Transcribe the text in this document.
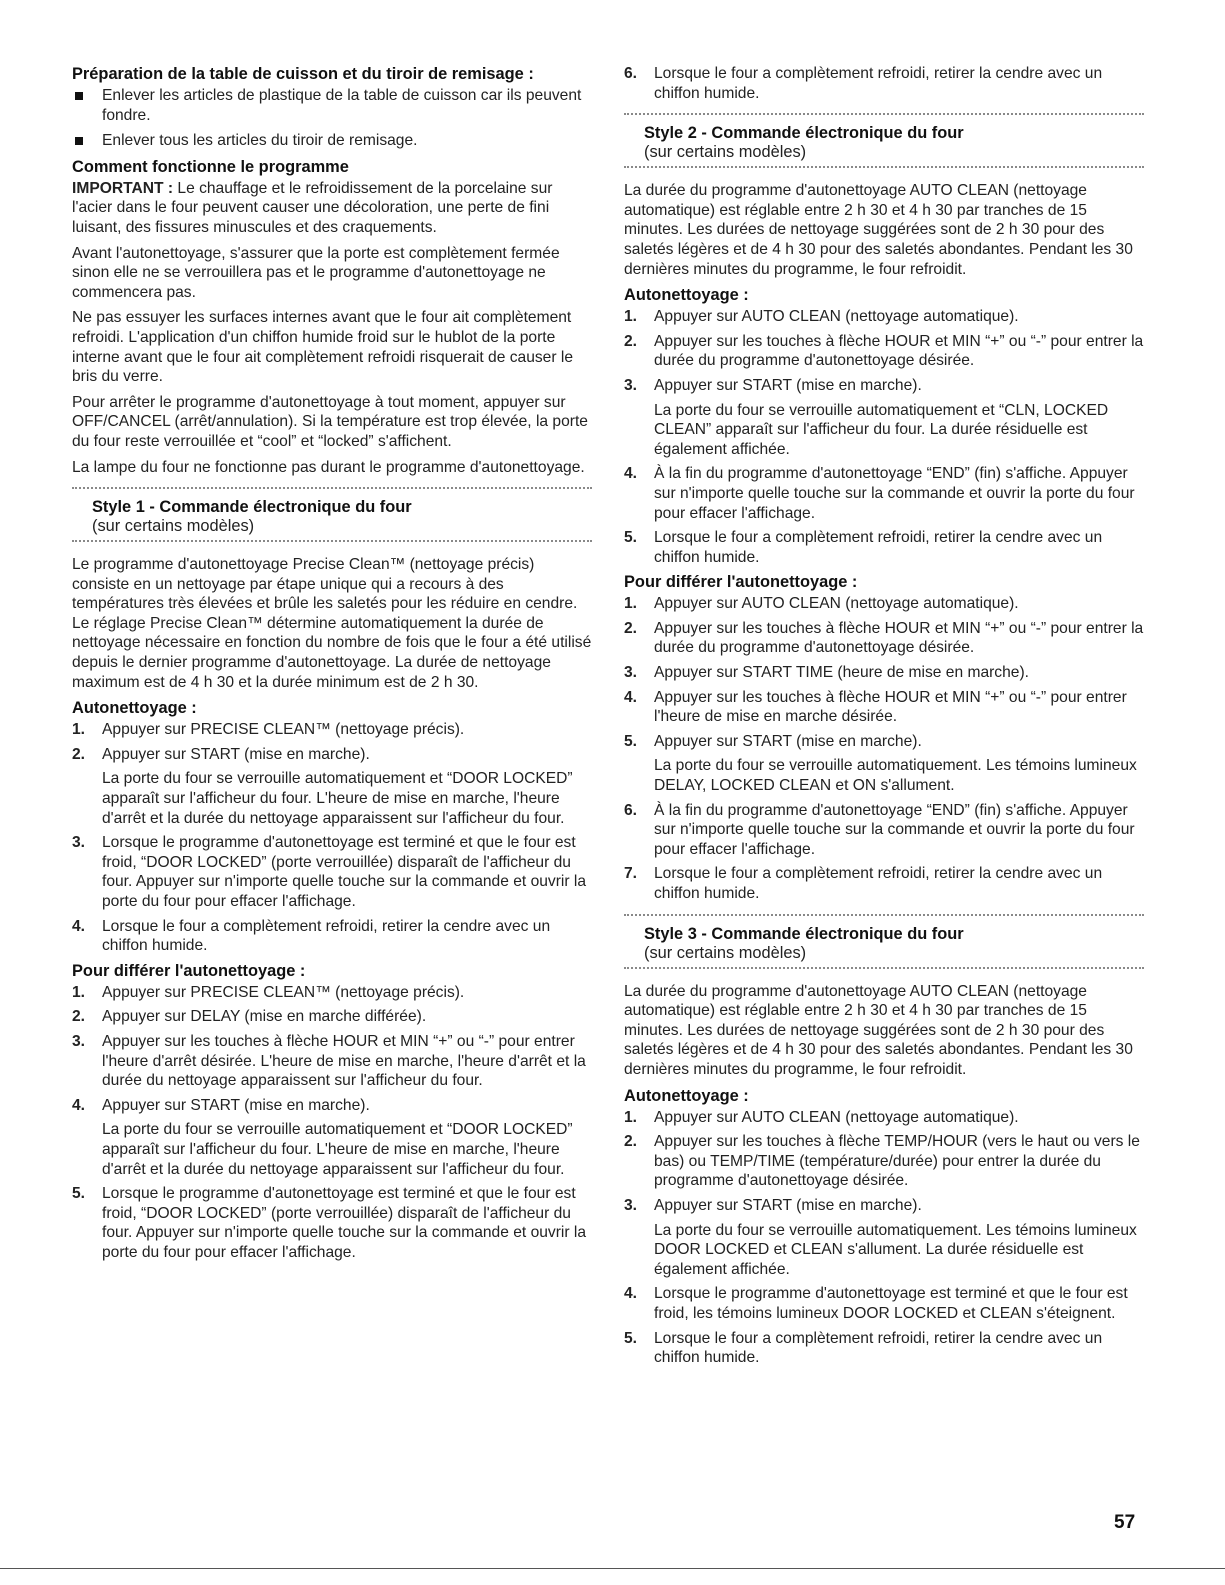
Préparation de la table de cuisson et du tiroir de remisage :
Enlever les articles de plastique de la table de cuisson car ils peuvent fondre.
Enlever tous les articles du tiroir de remisage.
Comment fonctionne le programme

IMPORTANT : Le chauffage et le refroidissement de la porcelaine sur l'acier dans le four peuvent causer une décoloration, une perte de fini luisant, des fissures minuscules et des craquements.

Avant l'autonettoyage, s'assurer que la porte est complètement fermée sinon elle ne se verrouillera pas et le programme d'autonettoyage ne commencera pas.

Ne pas essuyer les surfaces internes avant que le four ait complètement refroidi. L'application d'un chiffon humide froid sur le hublot de la porte interne avant que le four ait complètement refroidi risquerait de causer le bris du verre.

Pour arrêter le programme d'autonettoyage à tout moment, appuyer sur OFF/CANCEL (arrêt/annulation). Si la température est trop élevée, la porte du four reste verrouillée et “cool” et “locked” s'affichent.

La lampe du four ne fonctionne pas durant le programme d'autonettoyage.

Style 1 - Commande électronique du four
(sur certains modèles)

Le programme d'autonettoyage Precise Clean™ (nettoyage précis) consiste en un nettoyage par étape unique qui a recours à des températures très élevées et brûle les saletés pour les réduire en cendre. Le réglage Precise Clean™ détermine automatiquement la durée de nettoyage nécessaire en fonction du nombre de fois que le four a été utilisé depuis le dernier programme d'autonettoyage. La durée de nettoyage maximum est de 4 h 30 et la durée minimum est de 2 h 30.

Autonettoyage :
1. Appuyer sur PRECISE CLEAN™ (nettoyage précis).
2. Appuyer sur START (mise en marche).
La porte du four se verrouille automatiquement et “DOOR LOCKED” apparaît sur l'afficheur du four. L'heure de mise en marche, l'heure d'arrêt et la durée du nettoyage apparaissent sur l'afficheur du four.
3. Lorsque le programme d'autonettoyage est terminé et que le four est froid, “DOOR LOCKED” (porte verrouillée) disparaît de l'afficheur du four. Appuyer sur n'importe quelle touche sur la commande et ouvrir la porte du four pour effacer l'affichage.
4. Lorsque le four a complètement refroidi, retirer la cendre avec un chiffon humide.
Pour différer l'autonettoyage :
1. Appuyer sur PRECISE CLEAN™ (nettoyage précis).
2. Appuyer sur DELAY (mise en marche différée).
3. Appuyer sur les touches à flèche HOUR et MIN “+” ou “-” pour entrer l'heure d'arrêt désirée. L'heure de mise en marche, l'heure d'arrêt et la durée du nettoyage apparaissent sur l'afficheur du four.
4. Appuyer sur START (mise en marche).
La porte du four se verrouille automatiquement et “DOOR LOCKED” apparaît sur l'afficheur du four. L'heure de mise en marche, l'heure d'arrêt et la durée du nettoyage apparaissent sur l'afficheur du four.
5. Lorsque le programme d'autonettoyage est terminé et que le four est froid, “DOOR LOCKED” (porte verrouillée) disparaît de l'afficheur du four. Appuyer sur n'importe quelle touche sur la commande et ouvrir la porte du four pour effacer l'affichage.
6. Lorsque le four a complètement refroidi, retirer la cendre avec un chiffon humide.
Style 2 - Commande électronique du four
(sur certains modèles)

La durée du programme d'autonettoyage AUTO CLEAN (nettoyage automatique) est réglable entre 2 h 30 et 4 h 30 par tranches de 15 minutes. Les durées de nettoyage suggérées sont de 2 h 30 pour des saletés légères et de 4 h 30 pour des saletés abondantes. Pendant les 30 dernières minutes du programme, le four refroidit.

Autonettoyage :
1. Appuyer sur AUTO CLEAN (nettoyage automatique).
2. Appuyer sur les touches à flèche HOUR et MIN “+” ou “-” pour entrer la durée du programme d'autonettoyage désirée.
3. Appuyer sur START (mise en marche).
La porte du four se verrouille automatiquement et “CLN, LOCKED CLEAN” apparaît sur l'afficheur du four. La durée résiduelle est également affichée.
4. À la fin du programme d'autonettoyage “END” (fin) s'affiche. Appuyer sur n'importe quelle touche sur la commande et ouvrir la porte du four pour effacer l'affichage.
5. Lorsque le four a complètement refroidi, retirer la cendre avec un chiffon humide.
Pour différer l'autonettoyage :
1. Appuyer sur AUTO CLEAN (nettoyage automatique).
2. Appuyer sur les touches à flèche HOUR et MIN “+” ou “-” pour entrer la durée du programme d'autonettoyage désirée.
3. Appuyer sur START TIME (heure de mise en marche).
4. Appuyer sur les touches à flèche HOUR et MIN “+” ou “-” pour entrer l'heure de mise en marche désirée.
5. Appuyer sur START (mise en marche).
La porte du four se verrouille automatiquement. Les témoins lumineux DELAY, LOCKED CLEAN et ON s'allument.
6. À la fin du programme d'autonettoyage “END” (fin) s'affiche. Appuyer sur n'importe quelle touche sur la commande et ouvrir la porte du four pour effacer l'affichage.
7. Lorsque le four a complètement refroidi, retirer la cendre avec un chiffon humide.
Style 3 - Commande électronique du four
(sur certains modèles)

La durée du programme d'autonettoyage AUTO CLEAN (nettoyage automatique) est réglable entre 2 h 30 et 4 h 30 par tranches de 15 minutes. Les durées de nettoyage suggérées sont de 2 h 30 pour des saletés légères et de 4 h 30 pour des saletés abondantes. Pendant les 30 dernières minutes du programme, le four refroidit.

Autonettoyage :
1. Appuyer sur AUTO CLEAN (nettoyage automatique).
2. Appuyer sur les touches à flèche TEMP/HOUR (vers le haut ou vers le bas) ou TEMP/TIME (température/durée) pour entrer la durée du programme d'autonettoyage désirée.
3. Appuyer sur START (mise en marche).
La porte du four se verrouille automatiquement. Les témoins lumineux DOOR LOCKED et CLEAN s'allument. La durée résiduelle est également affichée.
4. Lorsque le programme d'autonettoyage est terminé et que le four est froid, les témoins lumineux DOOR LOCKED et CLEAN s'éteignent.
5. Lorsque le four a complètement refroidi, retirer la cendre avec un chiffon humide.
57
